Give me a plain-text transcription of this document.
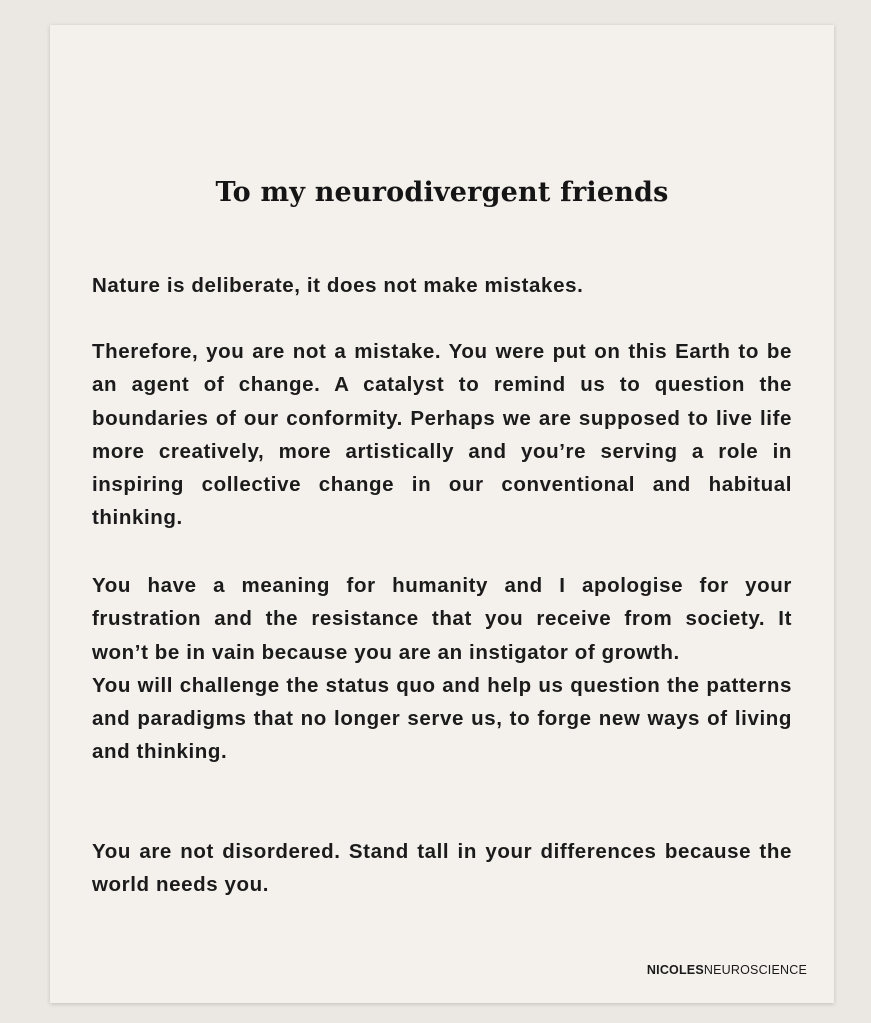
To my neurodivergent friends

Nature is deliberate, it does not make mistakes.

Therefore, you are not a mistake. You were put on this Earth to be an agent of change. A catalyst to remind us to question the boundaries of our conformity. Perhaps we are supposed to live life more creatively, more artistically and you’re serving a role in inspiring collective change in our conventional and habitual thinking.

You have a meaning for humanity and I apologise for your frustration and the resistance that you receive from society. It won’t be in vain because you are an instigator of growth.

You will challenge the status quo and help us question the patterns and paradigms that no longer serve us, to forge new ways of living and thinking.

You are not disordered. Stand tall in your differences because the world needs you.

NICOLESNEUROSCIENCE
